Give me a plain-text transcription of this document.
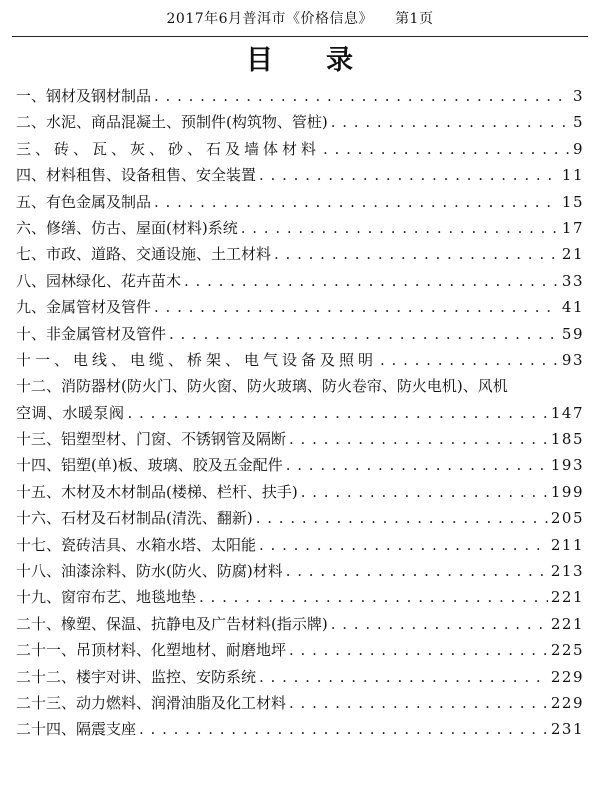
2017年6月普洱市《价格信息》 第1页
目 录
一、钢材及钢材制品 . . .	3
二、水泥、商品混凝土、预制件(构筑物、管桩) . . .	5
三、砖、瓦、灰、砂、石及墙体材料 . . .	9
四、材料租售、设备租售、安全装置 . . .	11
五、有色金属及制品 . . .	15
六、修缮、仿古、屋面(材料)系统 . . .	17
七、市政、道路、交通设施、土工材料 . . .	21
八、园林绿化、花卉苗木 . . .	33
九、金属管材及管件 . . .	41
十、非金属管材及管件 . . .	59
十一、电线、电缆、桥架、电气设备及照明 . . .	93
十二、消防器材(防火门、防火窗、防火玻璃、防火卷帘、防火电机)、风机
空调、水暖泵阀 . . .	147
十三、铝塑型材、门窗、不锈钢管及隔断 . . .	185
十四、铝塑(单)板、玻璃、胶及五金配件 . . .	193
十五、木材及木材制品(楼梯、栏杆、扶手) . . .	199
十六、石材及石材制品(清洗、翻新) . . .	205
十七、瓷砖洁具、水箱水塔、太阳能 . . .	211
十八、油漆涂料、防水(防火、防腐)材料 . . .	213
十九、窗帘布艺、地毯地垫 . . .	221
二十、橡塑、保温、抗静电及广告材料(指示牌) . . .	221
二十一、吊顶材料、化塑地材、耐磨地坪 . . .	225
二十二、楼宇对讲、监控、安防系统 . . .	229
二十三、动力燃料、润滑油脂及化工材料 . . .	229
二十四、隔震支座 . . .	231
